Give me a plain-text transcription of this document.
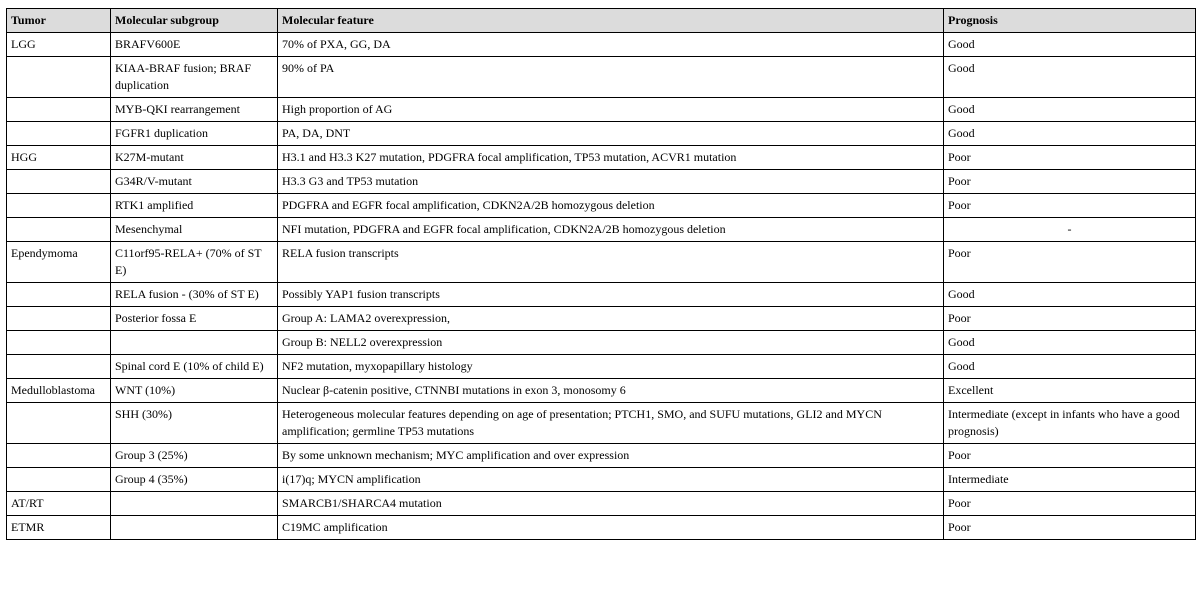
Tumor	Molecular subgroup	Molecular feature	Prognosis
LGG	BRAFV600E	70% of PXA, GG, DA	Good
	KIAA-BRAF fusion; BRAF duplication	90% of PA	Good
	MYB-QKI rearrangement	High proportion of AG	Good
	FGFR1 duplication	PA, DA, DNT	Good
HGG	K27M-mutant	H3.1 and H3.3 K27 mutation, PDGFRA focal amplification, TP53 mutation, ACVR1 mutation	Poor
	G34R/V-mutant	H3.3 G3 and TP53 mutation	Poor
	RTK1 amplified	PDGFRA and EGFR focal amplification, CDKN2A/2B homozygous deletion	Poor
	Mesenchymal	NFI mutation, PDGFRA and EGFR focal amplification, CDKN2A/2B homozygous deletion	-
Ependymoma	C11orf95-RELA+ (70% of ST E)	RELA fusion transcripts	Poor
	RELA fusion - (30% of ST E)	Possibly YAP1 fusion transcripts	Good
	Posterior fossa E	Group A: LAMA2 overexpression,	Poor
		Group B: NELL2 overexpression	Good
	Spinal cord E (10% of child E)	NF2 mutation, myxopapillary histology	Good
Medulloblastoma	WNT (10%)	Nuclear β-catenin positive, CTNNBI mutations in exon 3, monosomy 6	Excellent
	SHH (30%)	Heterogeneous molecular features depending on age of presentation; PTCH1, SMO, and SUFU mutations, GLI2 and MYCN amplification; germline TP53 mutations	Intermediate (except in infants who have a good prognosis)
	Group 3 (25%)	By some unknown mechanism; MYC amplification and over expression	Poor
	Group 4 (35%)	i(17)q; MYCN amplification	Intermediate
AT/RT		SMARCB1/SHARCA4 mutation	Poor
ETMR		C19MC amplification	Poor
